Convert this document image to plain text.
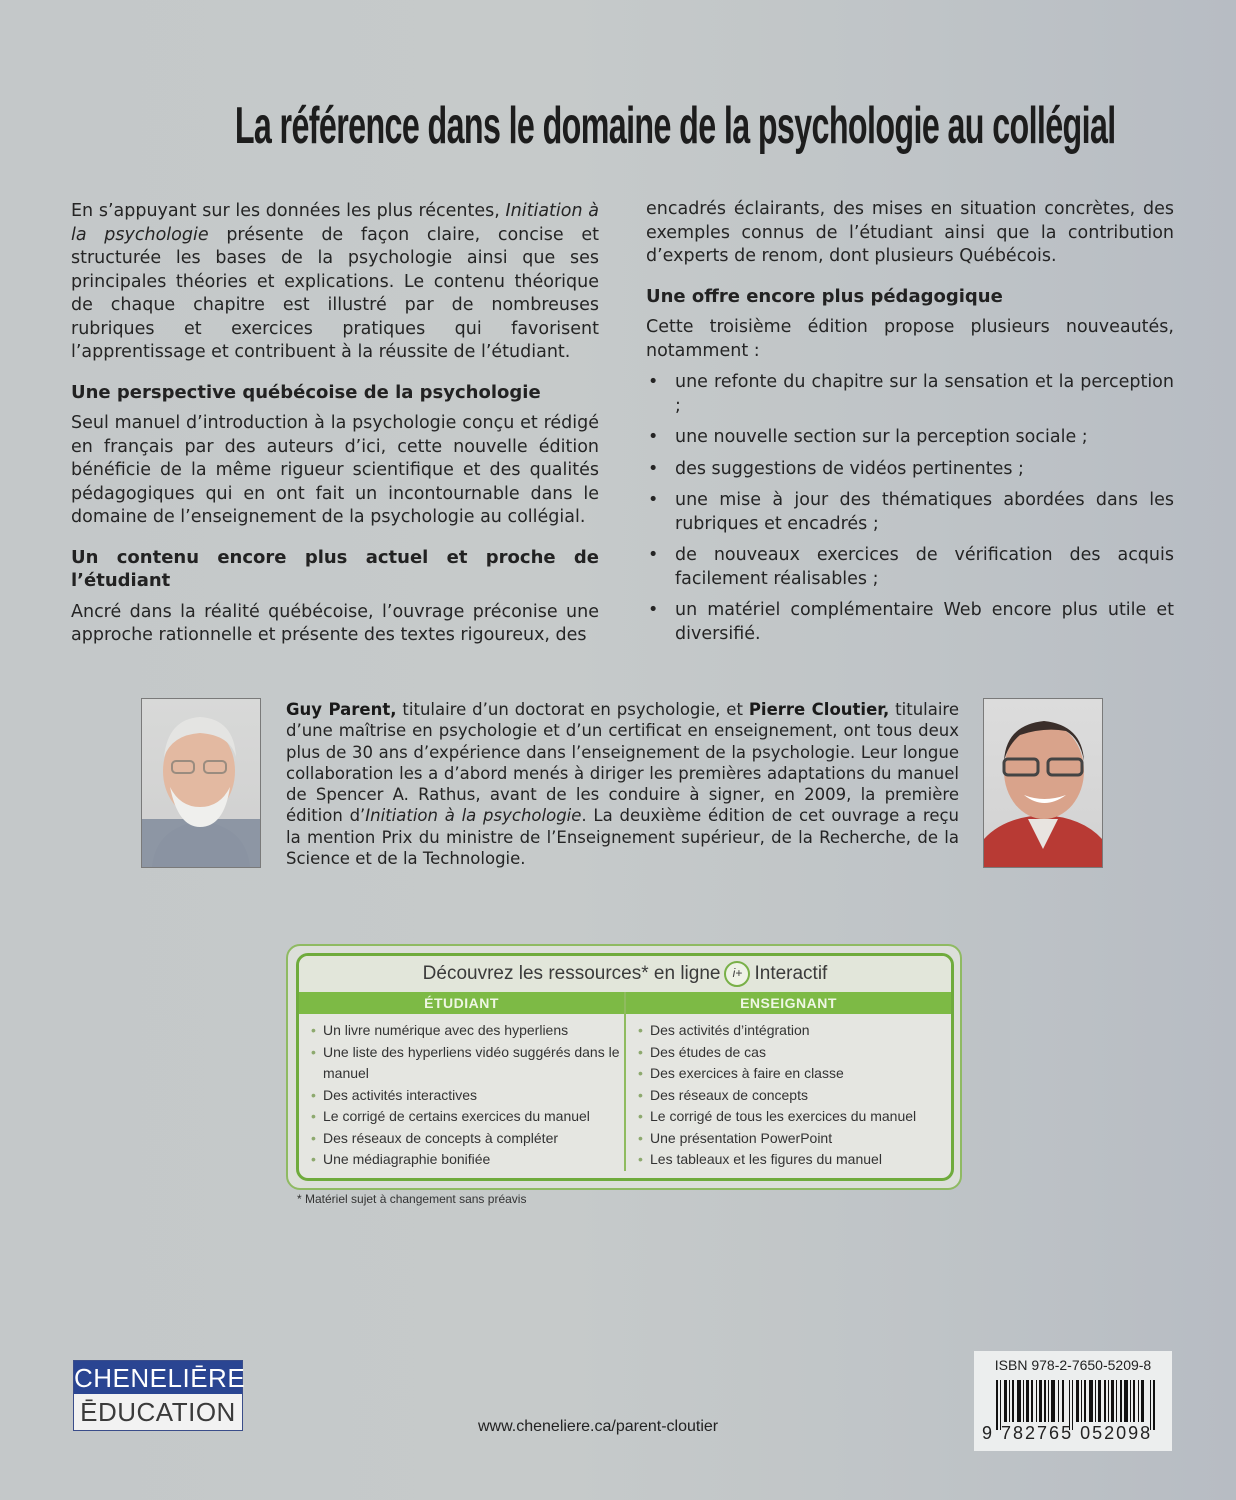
La référence dans le domaine de la psychologie au collégial

En s’appuyant sur les données les plus récentes, Initiation à la psychologie présente de façon claire, concise et structurée les bases de la psychologie ainsi que ses principales théories et explications. Le contenu théorique de chaque chapitre est illustré par de nombreuses rubriques et exercices pratiques qui favorisent l’apprentissage et contribuent à la réussite de l’étudiant.

Une perspective québécoise de la psychologie

Seul manuel d’introduction à la psychologie conçu et rédigé en français par des auteurs d’ici, cette nouvelle édition bénéficie de la même rigueur scientifique et des qualités pédagogiques qui en ont fait un incontournable dans le domaine de l’enseignement de la psychologie au collégial.

Un contenu encore plus actuel et proche de l’étudiant

Ancré dans la réalité québécoise, l’ouvrage préconise une approche rationnelle et présente des textes rigoureux, des

encadrés éclairants, des mises en situation concrètes, des exemples connus de l’étudiant ainsi que la contribution d’experts de renom, dont plusieurs Québécois.

Une offre encore plus pédagogique

Cette troisième édition propose plusieurs nouveautés, notamment :

• une refonte du chapitre sur la sensation et la perception ;
• une nouvelle section sur la perception sociale ;
• des suggestions de vidéos pertinentes ;
• une mise à jour des thématiques abordées dans les rubriques et encadrés ;
• de nouveaux exercices de vérification des acquis facilement réalisables ;
• un matériel complémentaire Web encore plus utile et diversifié.
Guy Parent, titulaire d’un doctorat en psychologie, et Pierre Cloutier, titulaire d’une maîtrise en psychologie et d’un certificat en enseignement, ont tous deux plus de 30 ans d’expérience dans l’enseignement de la psychologie. Leur longue collaboration les a d’abord menés à diriger les premières adaptations du manuel de Spencer A. Rathus, avant de les conduire à signer, en 2009, la première édition d’Initiation à la psychologie. La deuxième édition de cet ouvrage a reçu la mention Prix du ministre de l’Enseignement supérieur, de la Recherche, de la Science et de la Technologie.
Découvrez les ressources* en ligne i+ Interactif
ÉTUDIANT
• Un livre numérique avec des hyperliens
• Une liste des hyperliens vidéo suggérés dans le manuel
• Des activités interactives
• Le corrigé de certains exercices du manuel
• Des réseaux de concepts à compléter
• Une médiagraphie bonifiée
ENSEIGNANT
• Des activités d’intégration
• Des études de cas
• Des exercices à faire en classe
• Des réseaux de concepts
• Le corrigé de tous les exercices du manuel
• Une présentation PowerPoint
• Les tableaux et les figures du manuel
* Matériel sujet à changement sans préavis
CHENELIĒRE
ĒDUCATION	www.cheneliere.ca/parent-cloutier
ISBN 978-2-7650-5209-8
9 782765 052098
